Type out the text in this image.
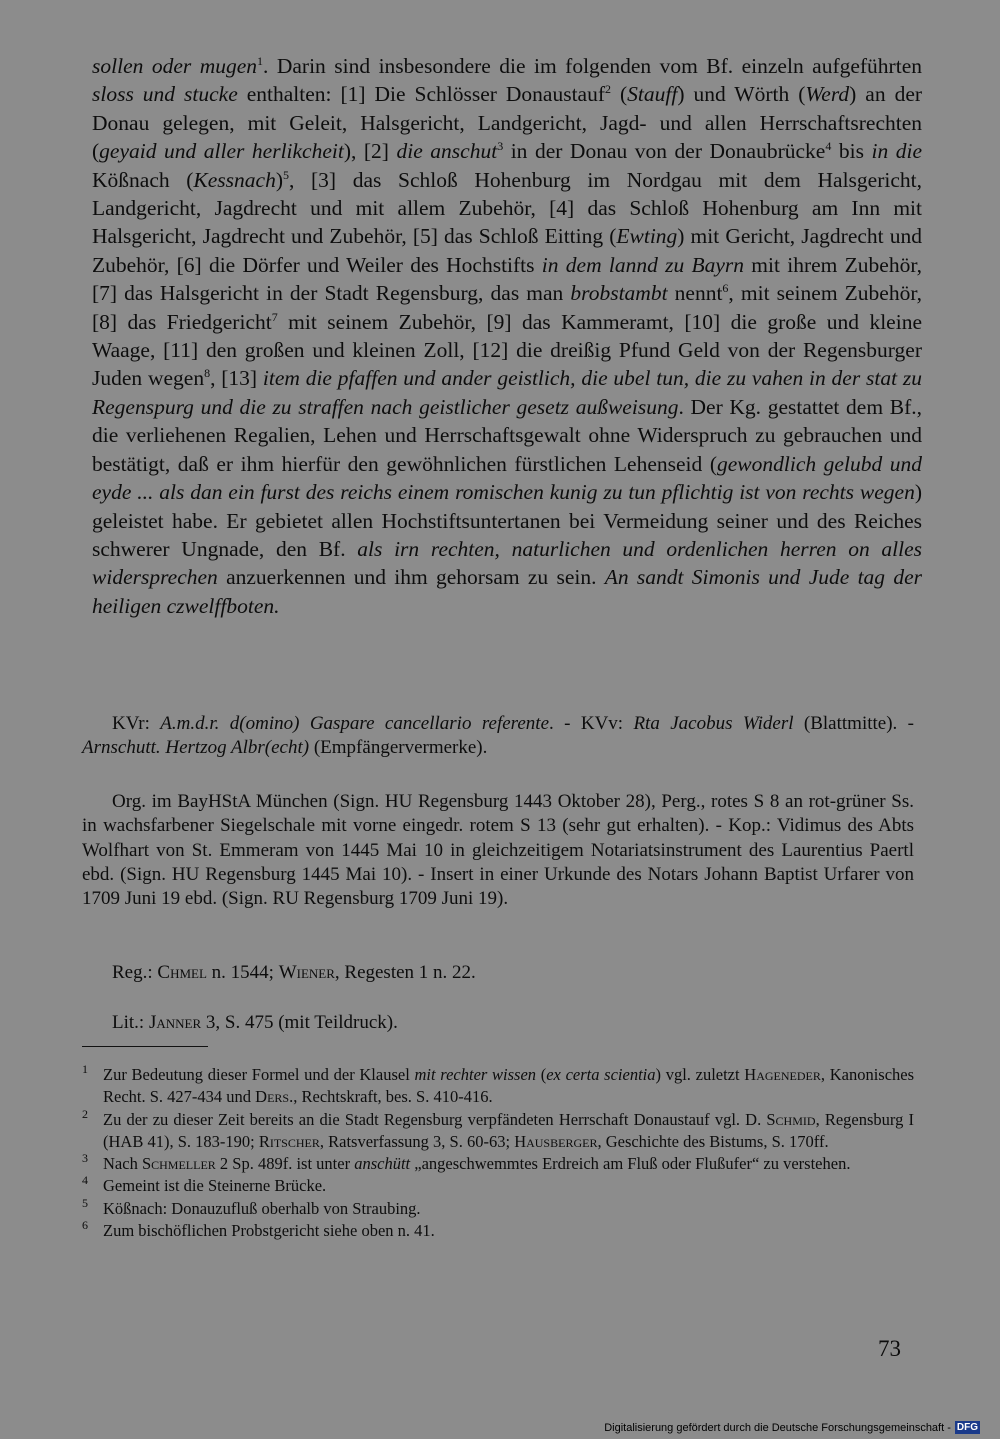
sollen oder mugen$^1$. Darin sind insbesondere die im folgenden vom Bf. einzeln aufgeführten sloss und stucke enthalten: [1] Die Schlösser Donaustauf$^2$ (Stauff) und Wörth (Werd) an der Donau gelegen, mit Geleit, Halsgericht, Landgericht, Jagd- und allen Herrschaftsrechten (geyaid und aller herlikcheit), [2] die anschut$^3$ in der Donau von der Donaubrücke$^4$ bis in die Kößnach (Kessnach)$^5$, [3] das Schloß Hohenburg im Nordgau mit dem Halsgericht, Landgericht, Jagdrecht und mit allem Zubehör, [4] das Schloß Hohenburg am Inn mit Halsgericht, Jagdrecht und Zubehör, [5] das Schloß Eitting (Ewting) mit Gericht, Jagdrecht und Zubehör, [6] die Dörfer und Weiler des Hochstifts in dem lannd zu Bayrn mit ihrem Zubehör, [7] das Halsgericht in der Stadt Regensburg, das man brobstambt nennt$^6$, mit seinem Zubehör, [8] das Friedgericht$^7$ mit seinem Zubehör, [9] das Kammeramt, [10] die große und kleine Waage, [11] den großen und kleinen Zoll, [12] die dreißig Pfund Geld von der Regensburger Juden wegen$^8$, [13] item die pfaffen und ander geistlich, die ubel tun, die zu vahen in der stat zu Regenspurg und die zu straffen nach geistlicher gesetz außweisung. Der Kg. gestattet dem Bf., die verliehenen Regalien, Lehen und Herrschaftsgewalt ohne Widerspruch zu gebrauchen und bestätigt, daß er ihm hierfür den gewöhnlichen fürstlichen Lehenseid (gewondlich gelubd und eyde ... als dan ein furst des reichs einem romischen kunig zu tun pflichtig ist von rechts wegen) geleistet habe. Er gebietet allen Hochstiftsuntertanen bei Vermeidung seiner und des Reiches schwerer Ungnade, den Bf. als irn rechten, naturlichen und ordenlichen herren on alles widersprechen anzuerkennen und ihm gehorsam zu sein. An sandt Simonis und Jude tag der heiligen czwelffboten.

KVr: A.m.d.r. d(omino) Gaspare cancellario referente. - KVv: Rta Jacobus Widerl (Blattmitte). - Arnschutt. Hertzog Albr(echt) (Empfängervermerke).
Org. im BayHStA München (Sign. HU Regensburg 1443 Oktober 28), Perg., rotes S 8 an rot-grüner Ss. in wachsfarbener Siegelschale mit vorne eingedr. rotem S 13 (sehr gut erhalten). - Kop.: Vidimus des Abts Wolfhart von St. Emmeram von 1445 Mai 10 in gleichzeitigem Notariatsinstrument des Laurentius Paertl ebd. (Sign. HU Regensburg 1445 Mai 10). - Insert in einer Urkunde des Notars Johann Baptist Urfarer von 1709 Juni 19 ebd. (Sign. RU Regensburg 1709 Juni 19).
Reg.: Chmel n. 1544; Wiener, Regesten 1 n. 22.
Lit.: Janner 3, S. 475 (mit Teildruck).
1 Zur Bedeutung dieser Formel und der Klausel mit rechter wissen (ex certa scientia) vgl. zuletzt Hageneder, Kanonisches Recht. S. 427-434 und Ders., Rechtskraft, bes. S. 410-416.
2 Zu der zu dieser Zeit bereits an die Stadt Regensburg verpfändeten Herrschaft Donaustauf vgl. D. Schmid, Regensburg I (HAB 41), S. 183-190; Ritscher, Ratsverfassung 3, S. 60-63; Hausberger, Geschichte des Bistums, S. 170ff.
3 Nach Schmeller 2 Sp. 489f. ist unter anschütt „angeschwemmtes Erdreich am Fluß oder Flußufer“ zu verstehen.
4 Gemeint ist die Steinerne Brücke.
5 Kößnach: Donauzufluß oberhalb von Straubing.
6 Zum bischöflichen Probstgericht siehe oben n. 41.
73
Digitalisierung gefördert durch die Deutsche Forschungsgemeinschaft - DFG
